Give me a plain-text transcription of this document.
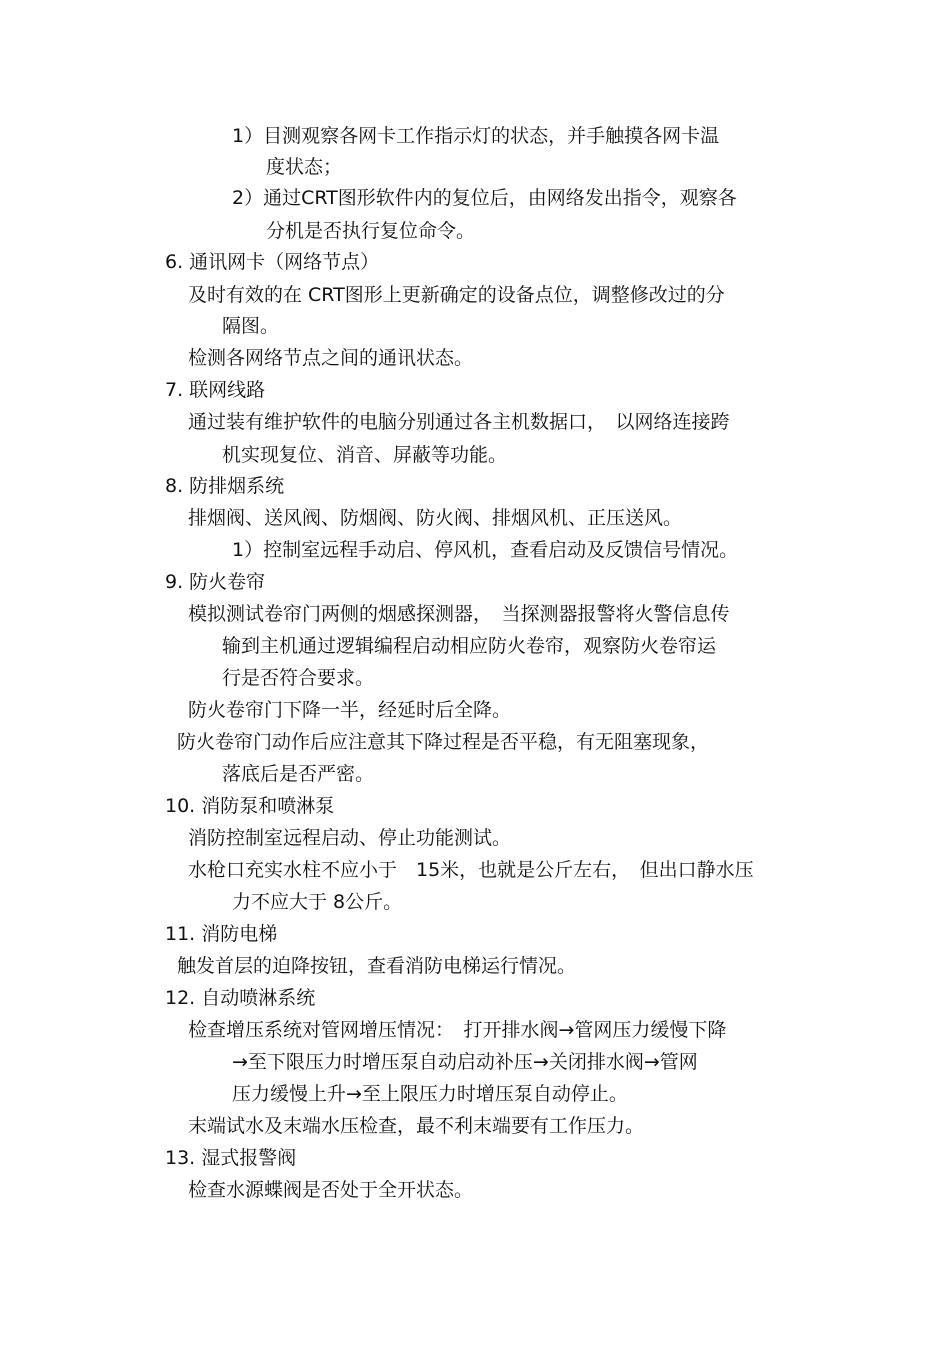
1）目测观察各网卡工作指示灯的状态，并手触摸各网卡温
度状态；
2）通过CRT图形软件内的复位后，由网络发出指令，观察各
分机是否执行复位命令。
6. 通讯网卡（网络节点）
及时有效的在 CRT图形上更新确定的设备点位，调整修改过的分
隔图。
检测各网络节点之间的通讯状态。
7. 联网线路
通过装有维护软件的电脑分别通过各主机数据口，　以网络连接跨
机实现复位、消音、屏蔽等功能。
8. 防排烟系统
排烟阀、送风阀、防烟阀、防火阀、排烟风机、正压送风。
1）控制室远程手动启、停风机，查看启动及反馈信号情况。
9. 防火卷帘
模拟测试卷帘门两侧的烟感探测器，　当探测器报警将火警信息传
输到主机通过逻辑编程启动相应防火卷帘，观察防火卷帘运
行是否符合要求。
防火卷帘门下降一半，经延时后全降。
防火卷帘门动作后应注意其下降过程是否平稳，有无阻塞现象，
落底后是否严密。
10. 消防泵和喷淋泵
消防控制室远程启动、停止功能测试。
水枪口充实水柱不应小于　15米，也就是公斤左右，　但出口静水压
力不应大于 8公斤。
11. 消防电梯
触发首层的迫降按钮，查看消防电梯运行情况。
12. 自动喷淋系统
检查增压系统对管网增压情况：　打开排水阀→管网压力缓慢下降
→至下限压力时增压泵自动启动补压→关闭排水阀→管网
压力缓慢上升→至上限压力时增压泵自动停止。
末端试水及末端水压检查，最不利末端要有工作压力。
13. 湿式报警阀
检查水源蝶阀是否处于全开状态。
